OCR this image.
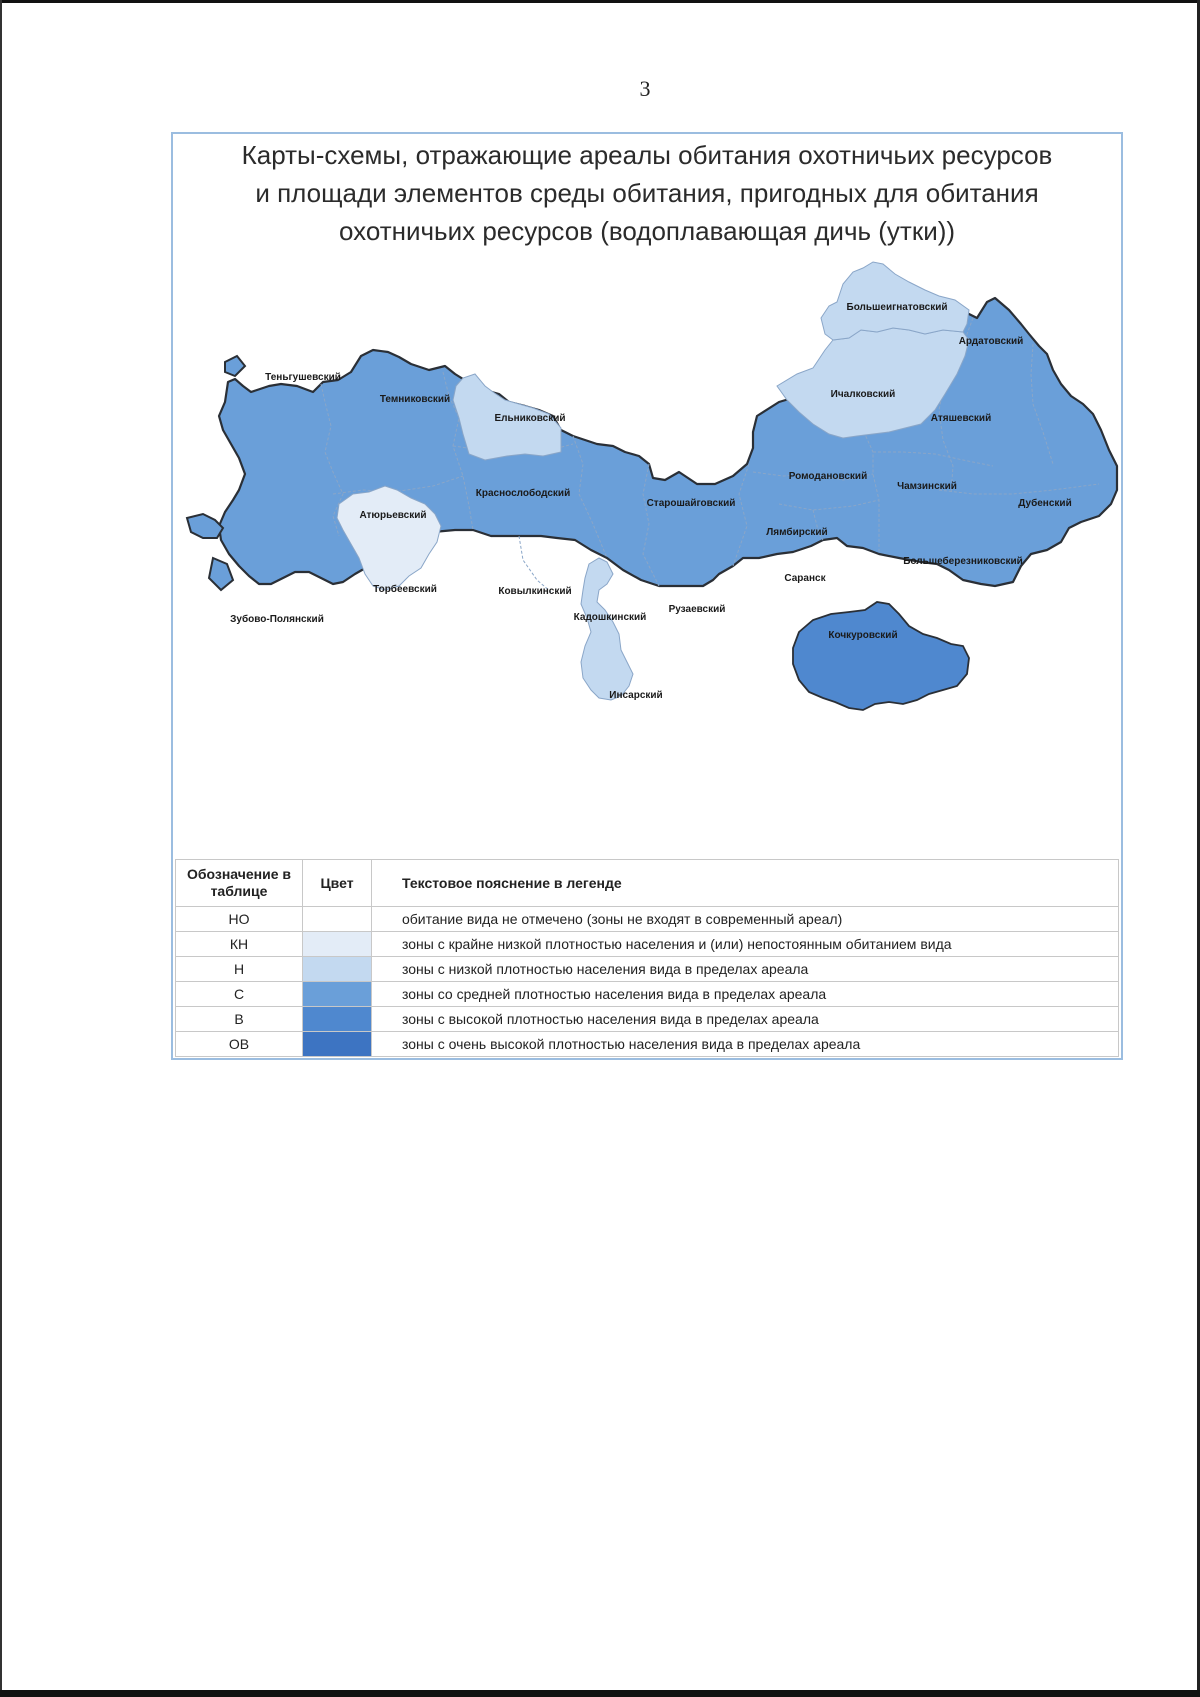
3
Карты-схемы, отражающие ареалы обитания охотничьих ресурсов
и площади элементов среды обитания, пригодных для обитания
охотничьих ресурсов (водоплавающая дичь (утки))
Теньгушевский
Темниковский
Ельниковский
Атюрьевский
Краснослободский
Старошайговский
Большеигнатовский
Ардатовский
Ичалковский
Атяшевский
Ромодановский
Чамзинский
Дубенский
Лямбирский
Большеберезниковский
Саранск
Торбеевский	Ковылкинский
Кадошкинский
Рузаевский
Зубово-Полянский
Кочкуровский
Инсарский
Обозначение в таблице	Цвет	Текстовое пояснение в легенде
НО		обитание вида не отмечено (зоны не входят в современный ареал)
КН		зоны с крайне низкой плотностью населения и (или) непостоянным обитанием вида
Н		зоны с низкой плотностью населения вида в пределах ареала
С		зоны со средней плотностью населения вида в пределах ареала
В		зоны с высокой плотностью населения вида в пределах ареала
ОВ		зоны с очень высокой плотностью населения вида в пределах ареала
